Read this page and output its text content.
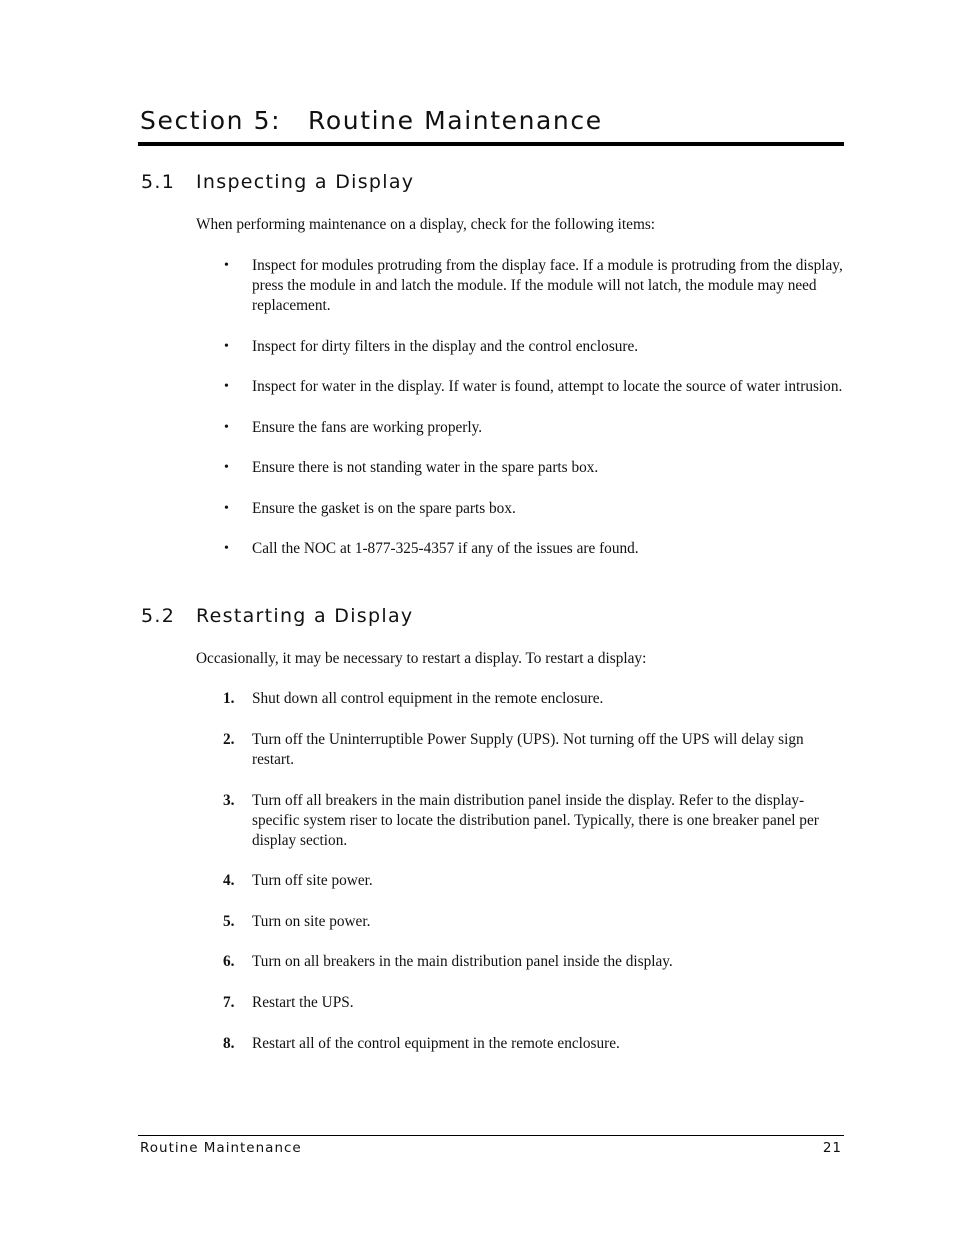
Section 5: Routine Maintenance
5.1 Inspecting a Display

When performing maintenance on a display, check for the following items:

• Inspect for modules protruding from the display face. If a module is protruding from the display, press the module in and latch the module. If the module will not latch, the module may need replacement.
• Inspect for dirty filters in the display and the control enclosure.
• Inspect for water in the display. If water is found, attempt to locate the source of water intrusion.
• Ensure the fans are working properly.
• Ensure there is not standing water in the spare parts box.
• Ensure the gasket is on the spare parts box.
• Call the NOC at 1-877-325-4357 if any of the issues are found.
5.2 Restarting a Display

Occasionally, it may be necessary to restart a display. To restart a display:

1. Shut down all control equipment in the remote enclosure.
2. Turn off the Uninterruptible Power Supply (UPS). Not turning off the UPS will delay sign restart.
3. Turn off all breakers in the main distribution panel inside the display. Refer to the display-specific system riser to locate the distribution panel. Typically, there is one breaker panel per display section.
4. Turn off site power.
5. Turn on site power.
6. Turn on all breakers in the main distribution panel inside the display.
7. Restart the UPS.
8. Restart all of the control equipment in the remote enclosure.
Routine Maintenance	21
